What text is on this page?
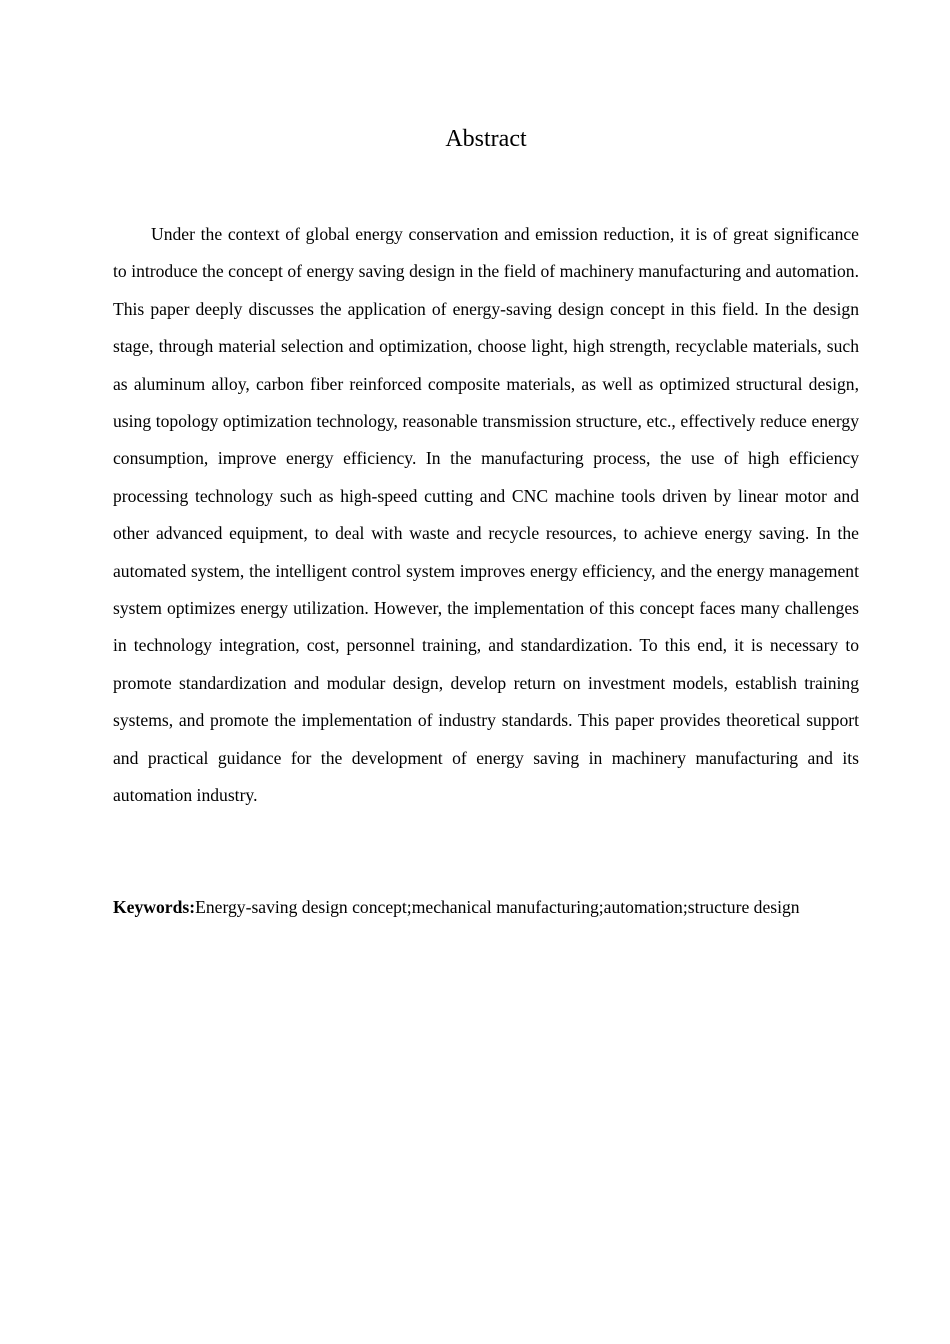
Abstract

Under the context of global energy conservation and emission reduction, it is of great significance to introduce the concept of energy saving design in the field of machinery manufacturing and automation. This paper deeply discusses the application of energy-saving design concept in this field. In the design stage, through material selection and optimization, choose light, high strength, recyclable materials, such as aluminum alloy, carbon fiber reinforced composite materials, as well as optimized structural design, using topology optimization technology, reasonable transmission structure, etc., effectively reduce energy consumption, improve energy efficiency. In the manufacturing process, the use of high efficiency processing technology such as high-speed cutting and CNC machine tools driven by linear motor and other advanced equipment, to deal with waste and recycle resources, to achieve energy saving. In the automated system, the intelligent control system improves energy efficiency, and the energy management system optimizes energy utilization. However, the implementation of this concept faces many challenges in technology integration, cost, personnel training, and standardization. To this end, it is necessary to promote standardization and modular design, develop return on investment models, establish training systems, and promote the implementation of industry standards. This paper provides theoretical support and practical guidance for the development of energy saving in machinery manufacturing and its automation industry.

Keywords:Energy-saving design concept;mechanical manufacturing;automation;structure design
